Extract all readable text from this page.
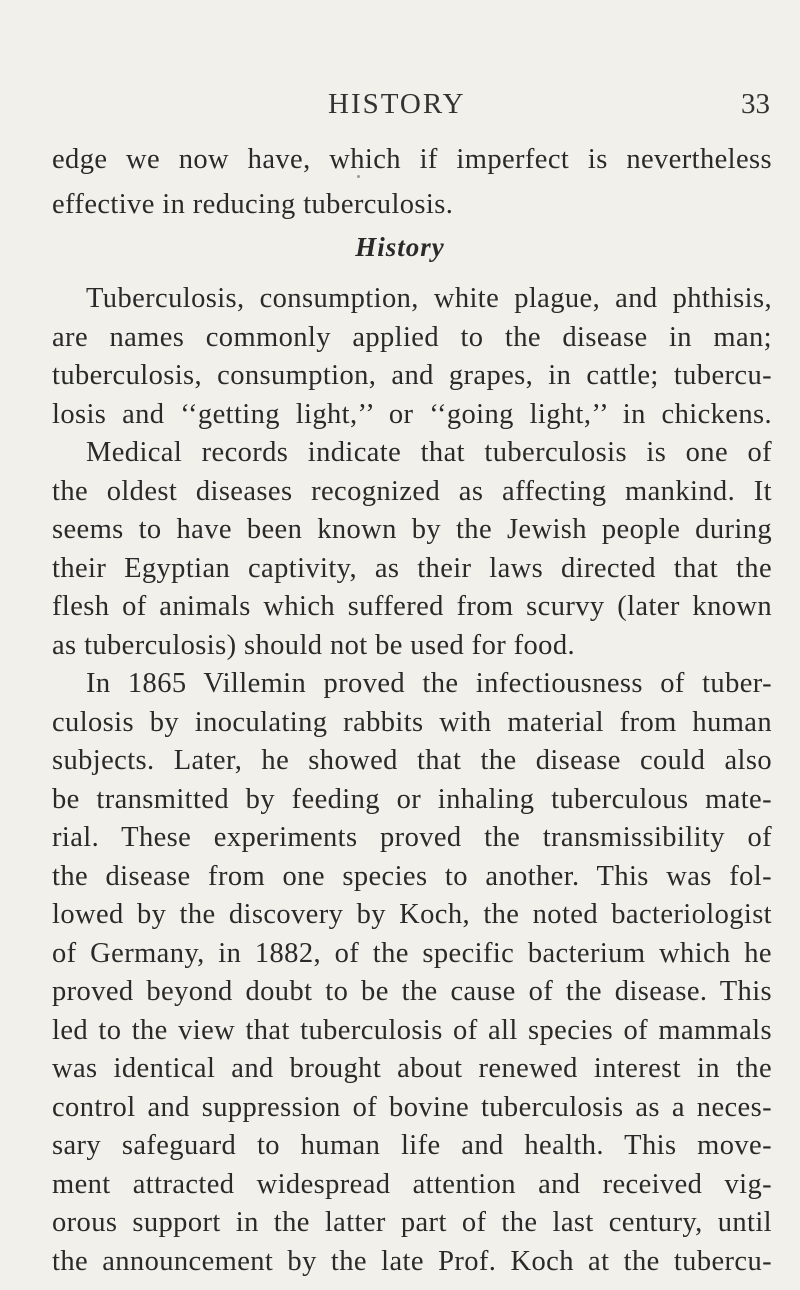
HISTORY	33
edge we now have, which if imperfect is nevertheless
effective in reducing tuberculosis.
History
Tuberculosis, consumption, white plague, and phthisis,
are names commonly applied to the disease in man;
tuberculosis, consumption, and grapes, in cattle; tubercu-
losis and ‘‘getting light,’’ or ‘‘going light,’’ in chickens.
Medical records indicate that tuberculosis is one of
the oldest diseases recognized as affecting mankind. It
seems to have been known by the Jewish people during
their Egyptian captivity, as their laws directed that the
flesh of animals which suffered from scurvy (later known
as tuberculosis) should not be used for food.
In 1865 Villemin proved the infectiousness of tuber-
culosis by inoculating rabbits with material from human
subjects. Later, he showed that the disease could also
be transmitted by feeding or inhaling tuberculous mate-
rial. These experiments proved the transmissibility of
the disease from one species to another. This was fol-
lowed by the discovery by Koch, the noted bacteriologist
of Germany, in 1882, of the specific bacterium which he
proved beyond doubt to be the cause of the disease. This
led to the view that tuberculosis of all species of mammals
was identical and brought about renewed interest in the
control and suppression of bovine tuberculosis as a neces-
sary safeguard to human life and health. This move-
ment attracted widespread attention and received vig-
orous support in the latter part of the last century, until
the announcement by the late Prof. Koch at the tubercu-
